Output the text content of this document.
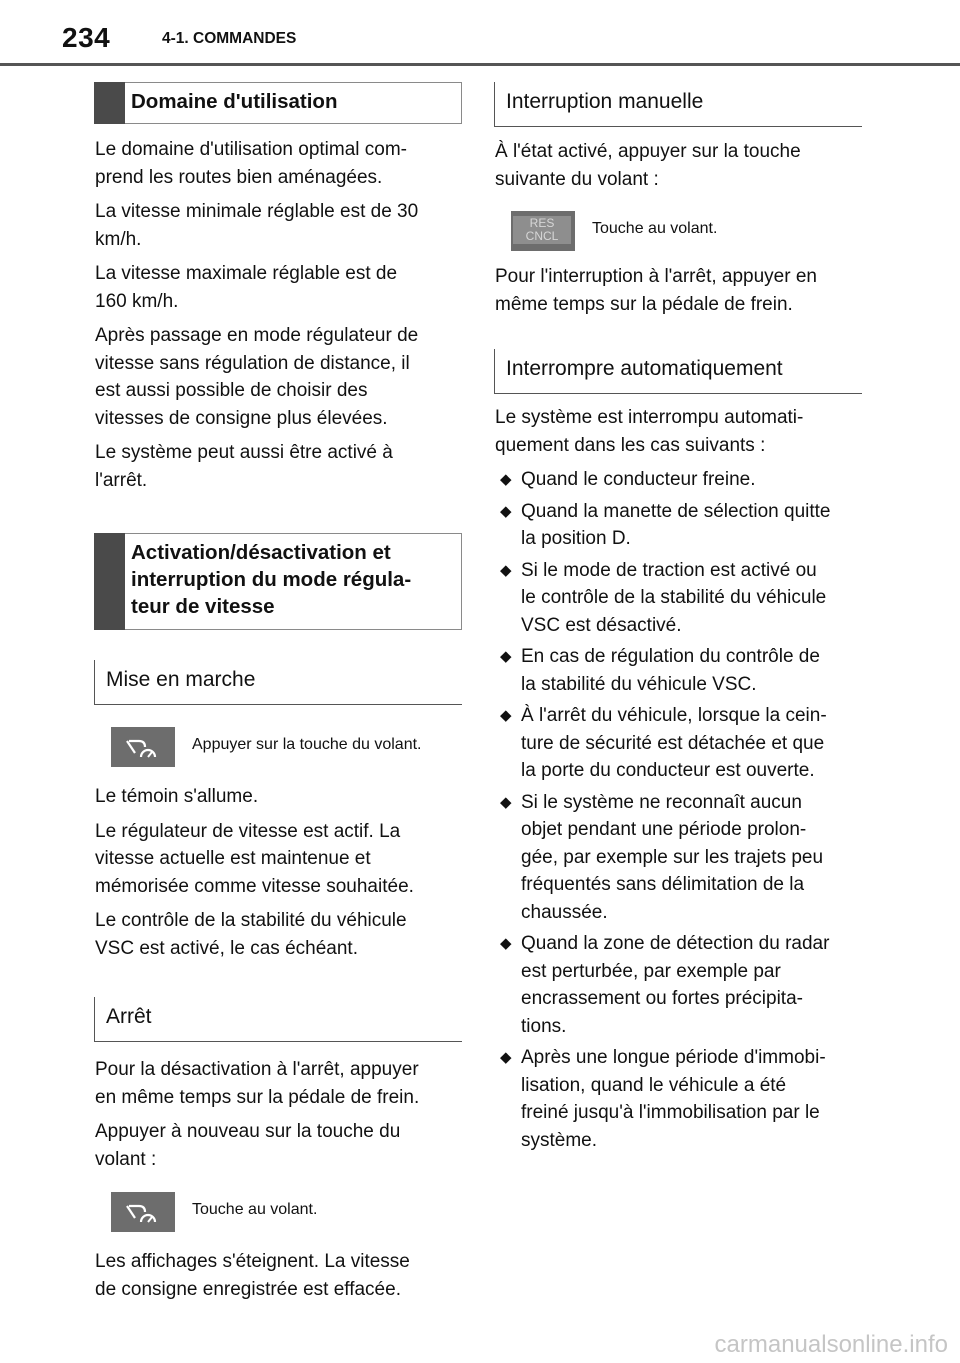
234	4-1. COMMANDES
Domaine d'utilisation

Le domaine d'utilisation optimal com-
prend les routes bien aménagées.

La vitesse minimale réglable est de 30
km/h.

La vitesse maximale réglable est de
160 km/h.

Après passage en mode régulateur de
vitesse sans régulation de distance, il
est aussi possible de choisir des
vitesses de consigne plus élevées.

Le système peut aussi être activé à
l'arrêt.

Activation/désactivation et
interruption du mode régula-
teur de vitesse
Mise en marche
Appuyer sur la touche du volant.

Le témoin s'allume.

Le régulateur de vitesse est actif. La
vitesse actuelle est maintenue et
mémorisée comme vitesse souhaitée.

Le contrôle de la stabilité du véhicule
VSC est activé, le cas échéant.

Arrêt

Pour la désactivation à l'arrêt, appuyer
en même temps sur la pédale de frein.

Appuyer à nouveau sur la touche du
volant :

Touche au volant.

Les affichages s'éteignent. La vitesse
de consigne enregistrée est effacée.

Interruption manuelle

À l'état activé, appuyer sur la touche
suivante du volant :

RES
CNCL	Touche au volant.

Pour l'interruption à l'arrêt, appuyer en
même temps sur la pédale de frein.

Interrompre automatiquement

Le système est interrompu automati-
quement dans les cas suivants :

◆ Quand le conducteur freine.
◆ Quand la manette de sélection quitte
la position D.
◆ Si le mode de traction est activé ou
le contrôle de la stabilité du véhicule
VSC est désactivé.
◆ En cas de régulation du contrôle de
la stabilité du véhicule VSC.
◆ À l'arrêt du véhicule, lorsque la cein-
ture de sécurité est détachée et que
la porte du conducteur est ouverte.
◆ Si le système ne reconnaît aucun
objet pendant une période prolon-
gée, par exemple sur les trajets peu
fréquentés sans délimitation de la
chaussée.
◆ Quand la zone de détection du radar
est perturbée, par exemple par
encrassement ou fortes précipita-
tions.
◆ Après une longue période d'immobi-
lisation, quand le véhicule a été
freiné jusqu'à l'immobilisation par le
système.
carmanualsonline.info
